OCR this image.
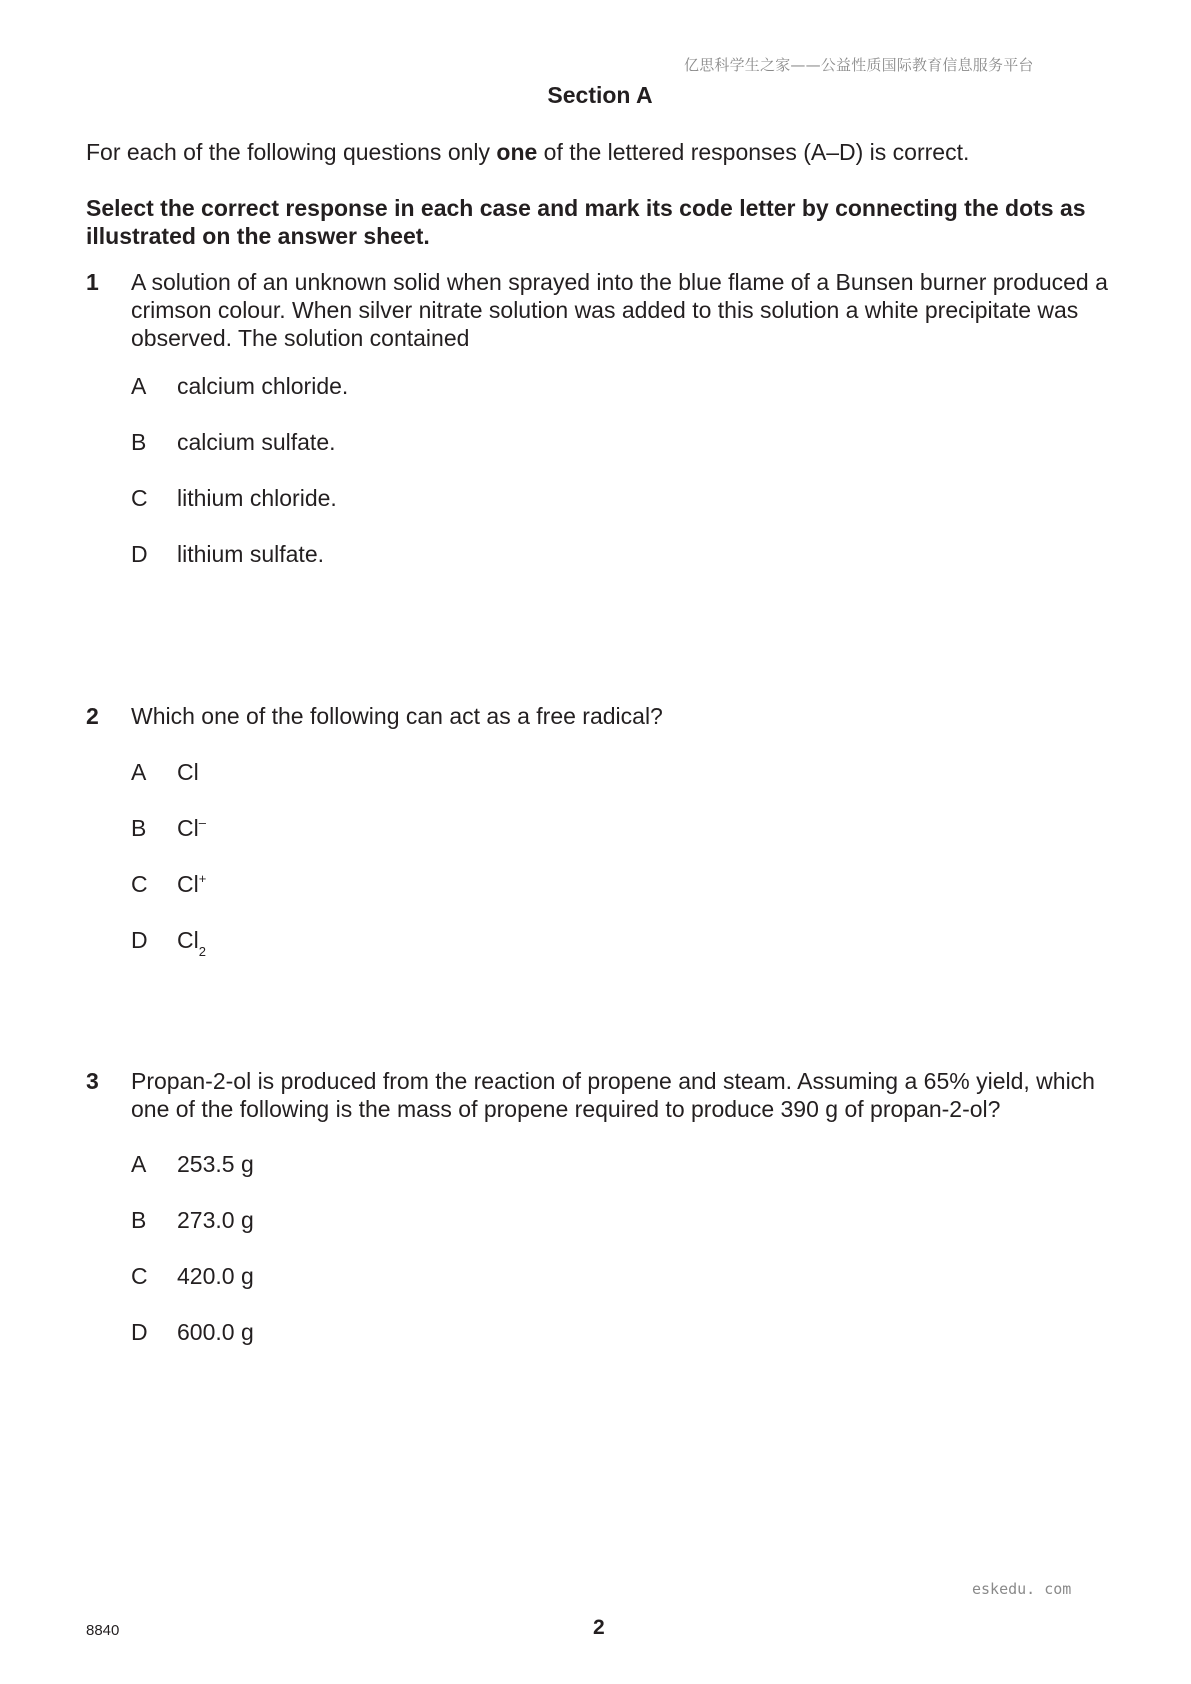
亿思科学生之家——公益性质国际教育信息服务平台
Section A
For each of the following questions only one of the lettered responses (A–D) is correct.
Select the correct response in each case and mark its code letter by connecting the dots as illustrated on the answer sheet.
1 A solution of an unknown solid when sprayed into the blue flame of a Bunsen burner produced a crimson colour. When silver nitrate solution was added to this solution a white precipitate was observed. The solution contained
A calcium chloride.
B calcium sulfate.
C lithium chloride.
D lithium sulfate.
2 Which one of the following can act as a free radical?
A Cl
B Cl–
C Cl+
D $Cl_2$
3 Propan-2-ol is produced from the reaction of propene and steam. Assuming a 65% yield, which one of the following is the mass of propene required to produce 390 g of propan-2-ol?
A 253.5 g
B 273.0 g
C 420.0 g
D 600.0 g
eskedu. com
8840	2
